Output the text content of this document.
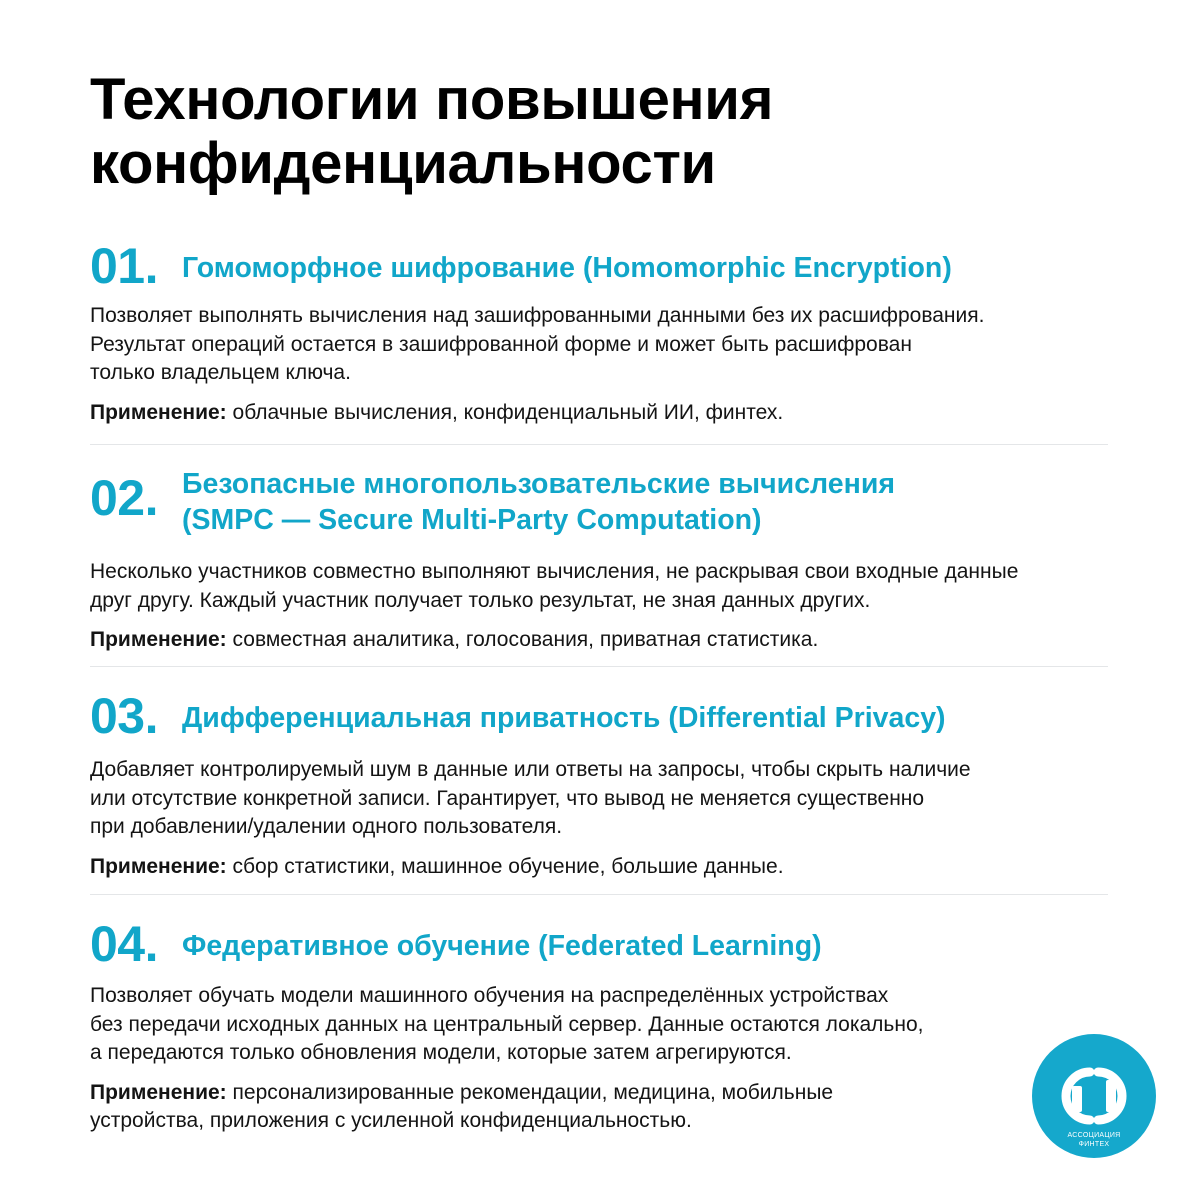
Технологии повышения
конфиденциальности
01. Гомоморфное шифрование (Homomorphic Encryption)
Позволяет выполнять вычисления над зашифрованными данными без их расшифрования.
Результат операций остается в зашифрованной форме и может быть расшифрован
только владельцем ключа.
Применение: облачные вычисления, конфиденциальный ИИ, финтех.
02. Безопасные многопользовательские вычисления
(SMPC — Secure Multi-Party Computation)
Несколько участников совместно выполняют вычисления, не раскрывая свои входные данные
друг другу. Каждый участник получает только результат, не зная данных других.
Применение: совместная аналитика, голосования, приватная статистика.
03. Дифференциальная приватность (Differential Privacy)
Добавляет контролируемый шум в данные или ответы на запросы, чтобы скрыть наличие
или отсутствие конкретной записи. Гарантирует, что вывод не меняется существенно
при добавлении/удалении одного пользователя.
Применение: сбор статистики, машинное обучение, большие данные.
04. Федеративное обучение (Federated Learning)
Позволяет обучать модели машинного обучения на распределённых устройствах
без передачи исходных данных на центральный сервер. Данные остаются локально,
а передаются только обновления модели, которые затем агрегируются.
Применение: персонализированные рекомендации, медицина, мобильные
устройства, приложения с усиленной конфиденциальностью.
АССОЦИАЦИЯ
ФИНТЕХ
